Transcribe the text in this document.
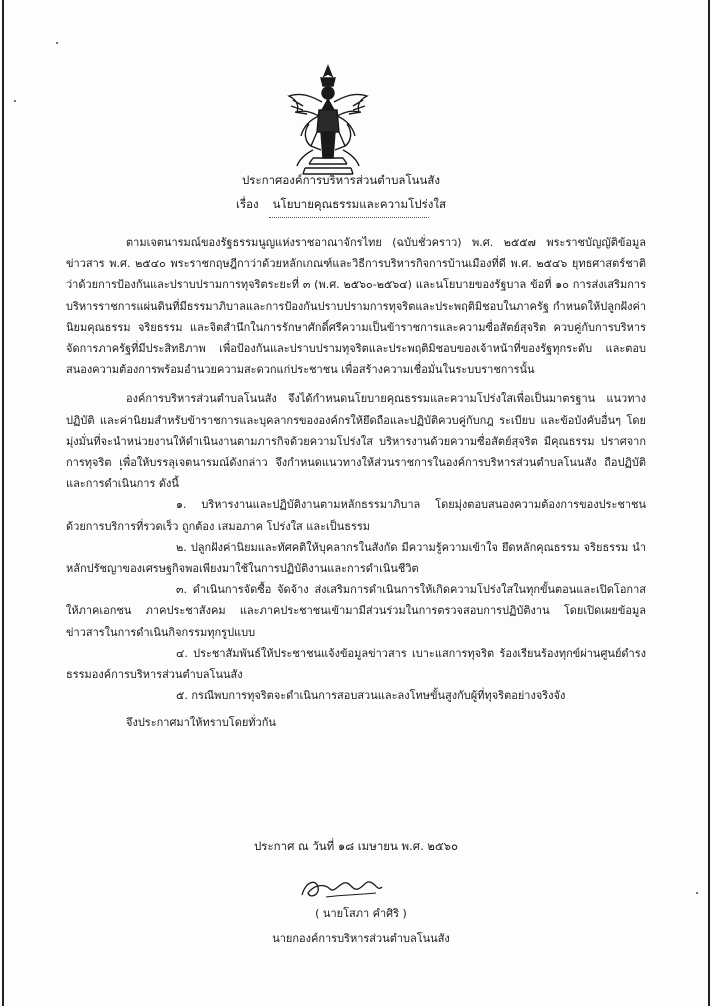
ประกาศองค์การบริหารส่วนตำบลโนนสัง
เรื่อง นโยบายคุณธรรมและความโปร่งใส

ตามเจตนารมณ์ของรัฐธรรมนูญแห่งราชอาณาจักรไทย (ฉบับชั่วคราว) พ.ศ. ๒๕๕๗ พระราชบัญญัติข้อมูลข่าวสาร พ.ศ. ๒๕๔๐ พระราชกฤษฎีกาว่าด้วยหลักเกณฑ์และวิธีการบริหารกิจการบ้านเมืองที่ดี พ.ศ. ๒๕๔๖ ยุทธศาสตร์ชาติว่าด้วยการป้องกันและปราบปรามการทุจริตระยะที่ ๓ (พ.ศ. ๒๕๖๐-๒๕๖๔) และนโยบายของรัฐบาล ข้อที่ ๑๐ การส่งเสริมการบริหารราชการแผ่นดินที่มีธรรมาภิบาลและการป้องกันปราบปรามการทุจริตและประพฤติมิชอบในภาครัฐ กำหนดให้ปลูกฝังค่านิยมคุณธรรม จริยธรรม และจิตสำนึกในการรักษาศักดิ์ศรีความเป็นข้าราชการและความซื่อสัตย์สุจริต ควบคู่กับการบริหารจัดการภาครัฐที่มีประสิทธิภาพ เพื่อป้องกันและปราบปรามทุจริตและประพฤติมิชอบของเจ้าหน้าที่ของรัฐทุกระดับ และตอบสนองความต้องการพร้อมอำนวยความสะดวกแก่ประชาชน เพื่อสร้างความเชื่อมั่นในระบบราชการนั้น

องค์การบริหารส่วนตำบลโนนสัง จึงได้กำหนดนโยบายคุณธรรมและความโปร่งใสเพื่อเป็นมาตรฐาน แนวทางปฏิบัติ และค่านิยมสำหรับข้าราชการและบุคลากรขององค์กรให้ยึดถือและปฏิบัติควบคู่กับกฎ ระเบียบ และข้อบังคับอื่นๆ โดยมุ่งมั่นที่จะนำหน่วยงานให้ดำเนินงานตามภารกิจด้วยความโปร่งใส บริหารงานด้วยความซื่อสัตย์สุจริต มีคุณธรรม ปราศจากการทุจริต เพื่อให้บรรลุเจตนารมณ์ดังกล่าว จึงกำหนดแนวทางให้ส่วนราชการในองค์การบริหารส่วนตำบลโนนสัง ถือปฏิบัติและการดำเนินการ ดังนี้

๑. บริหารงานและปฏิบัติงานตามหลักธรรมาภิบาล โดยมุ่งตอบสนองความต้องการของประชาชน ด้วยการบริการที่รวดเร็ว ถูกต้อง เสมอภาค โปร่งใส และเป็นธรรม

๒. ปลูกฝังค่านิยมและทัศคติให้บุคลากรในสังกัด มีความรู้ความเข้าใจ ยึดหลักคุณธรรม จริยธรรม นำหลักปรัชญาของเศรษฐกิจพอเพียงมาใช้ในการปฏิบัติงานและการดำเนินชีวิต

๓. ดำเนินการจัดซื้อ จัดจ้าง ส่งเสริมการดำเนินการให้เกิดความโปร่งใสในทุกขั้นตอนและเปิดโอกาสให้ภาคเอกชน ภาคประชาสังคม และภาคประชาชนเข้ามามีส่วนร่วมในการตรวจสอบการปฏิบัติงาน โดยเปิดเผยข้อมูลข่าวสารในการดำเนินกิจกรรมทุกรูปแบบ

๔. ประชาสัมพันธ์ให้ประชาชนแจ้งข้อมูลข่าวสาร เบาะแสการทุจริต ร้องเรียนร้องทุกข์ผ่านศูนย์ดำรงธรรมองค์การบริหารส่วนตำบลโนนสัง

๕. กรณีพบการทุจริตจะดำเนินการสอบสวนและลงโทษขั้นสูงกับผู้ที่ทุจริตอย่างจริงจัง

จึงประกาศมาให้ทราบโดยทั่วกัน

ประกาศ ณ วันที่ ๑๘ เมษายน พ.ศ. ๒๕๖๐
( นายโสภา คำศิริ )
นายกองค์การบริหารส่วนตำบลโนนสัง
